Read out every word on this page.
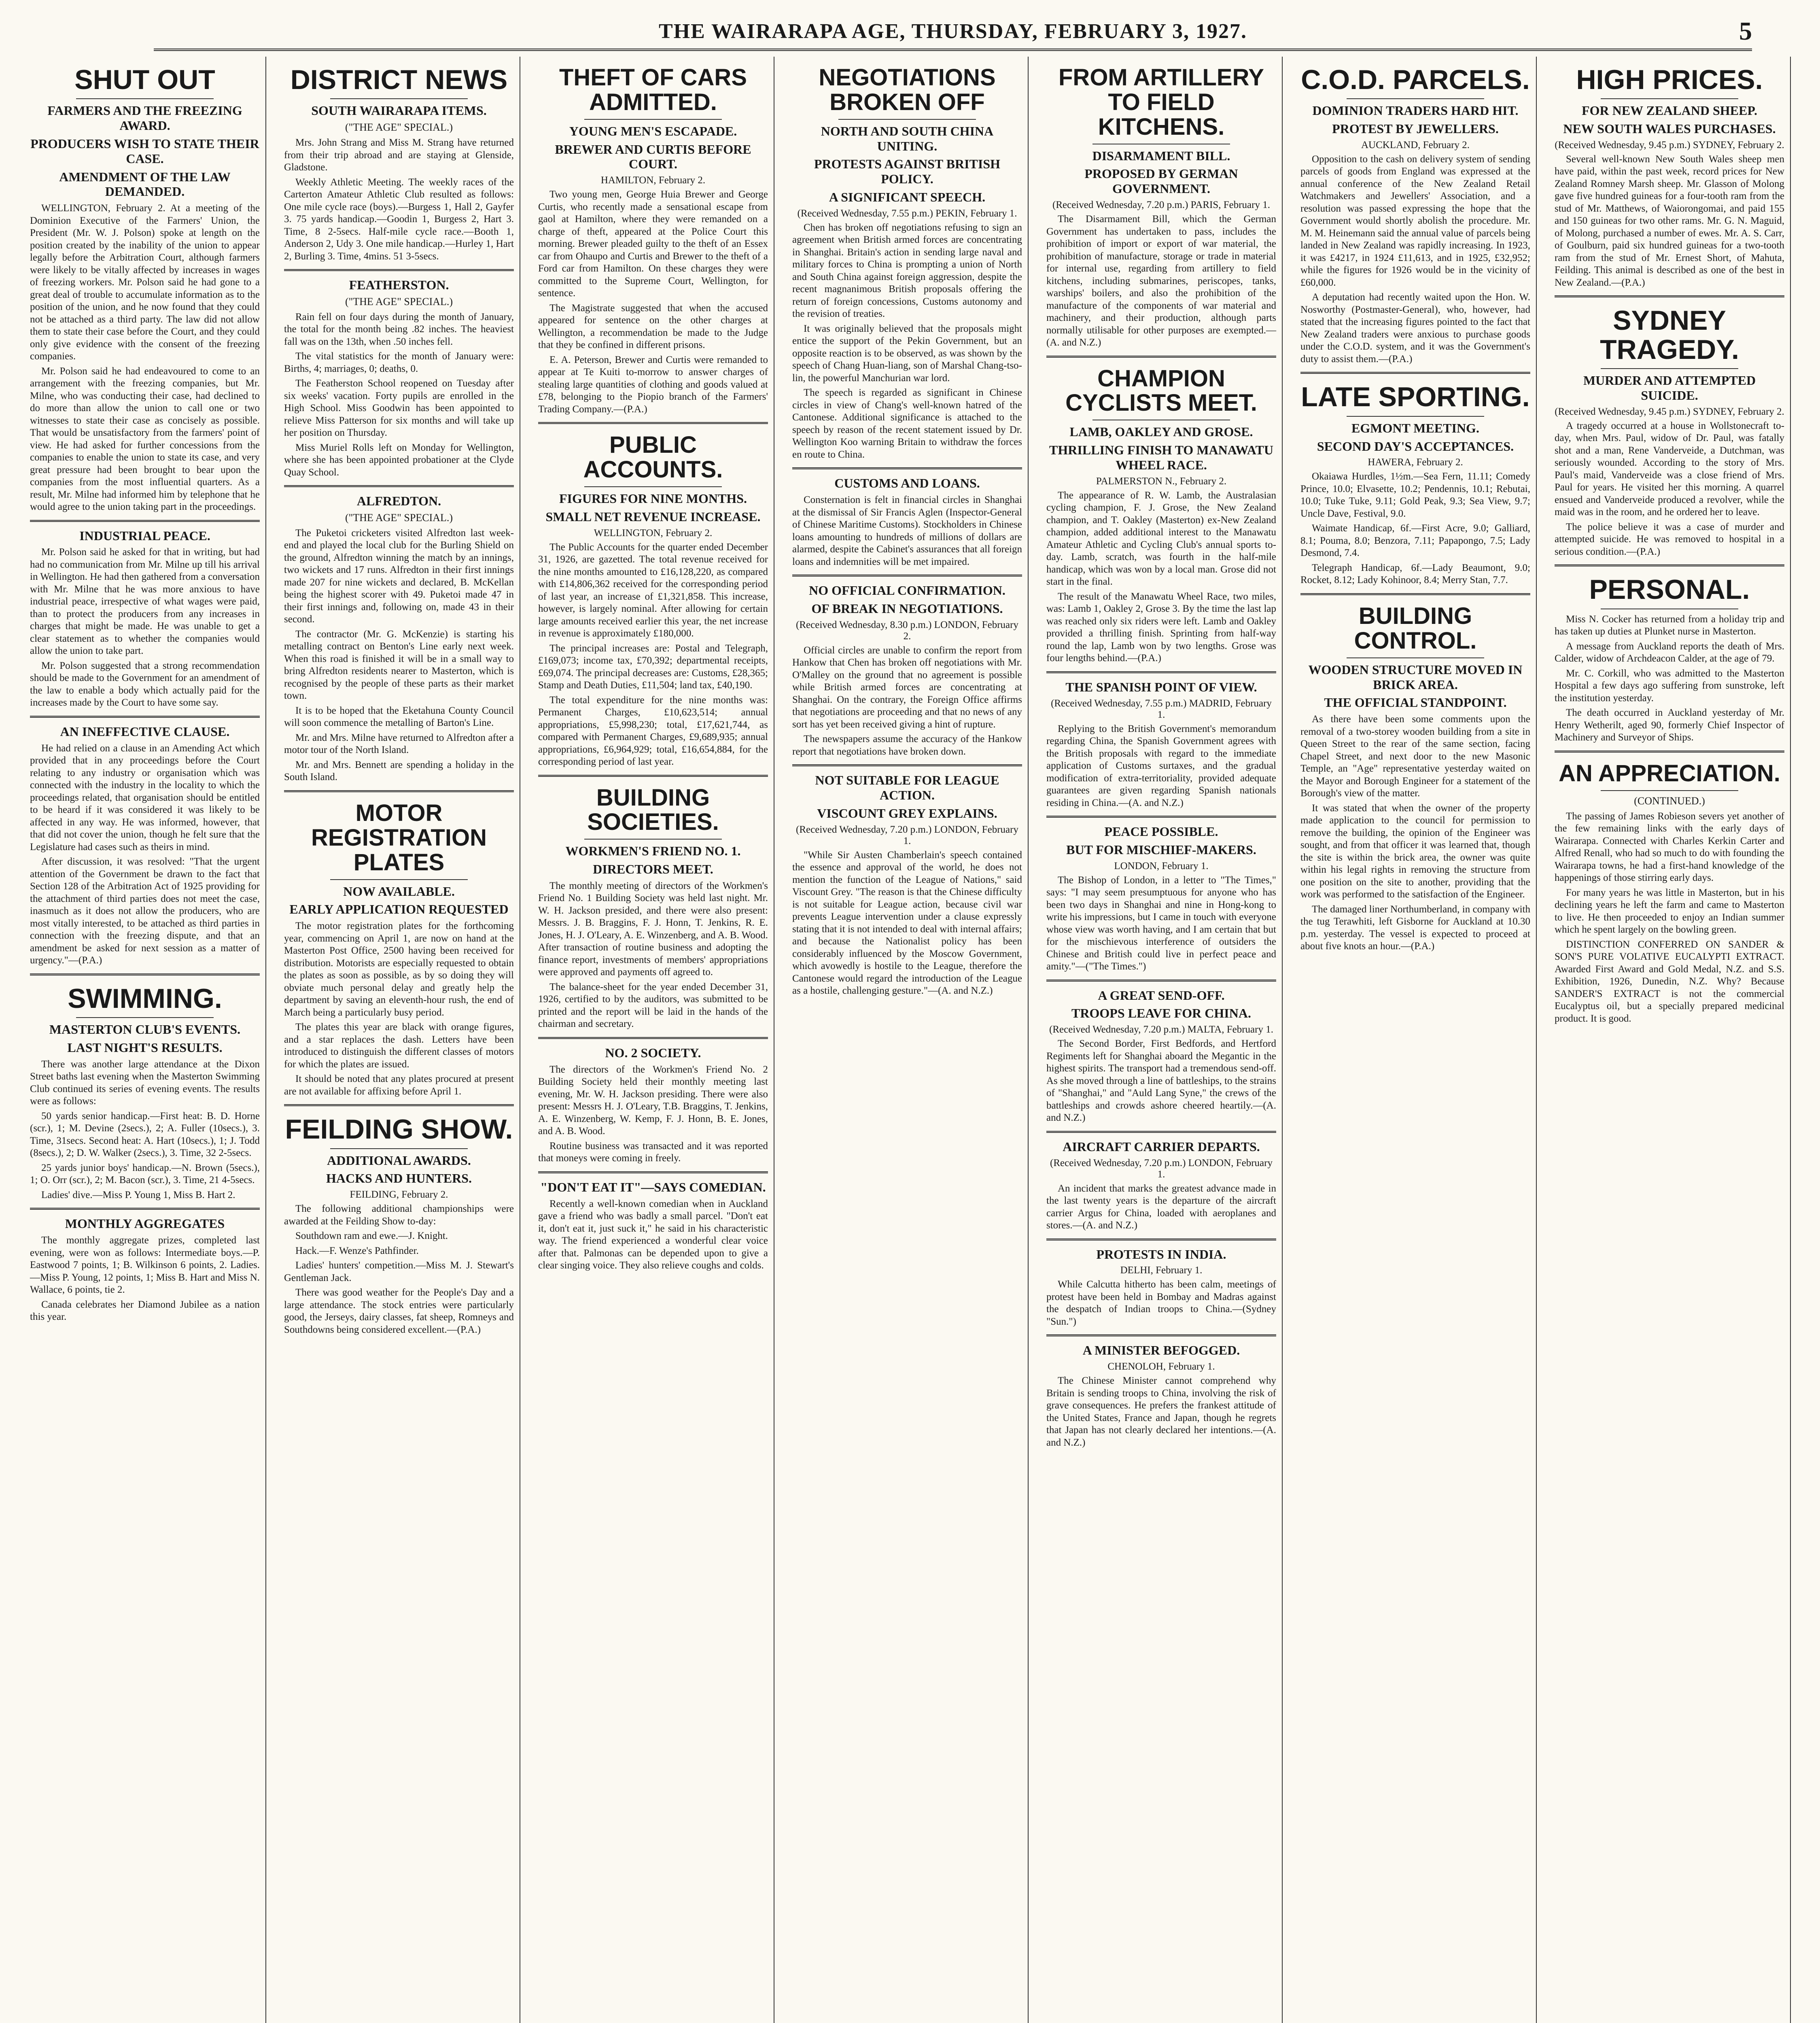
THE WAIRARAPA AGE, THURSDAY, FEBRUARY 3, 1927.	5
SHUT OUT
FARMERS AND THE FREEZING AWARD.
PRODUCERS WISH TO STATE THEIR CASE.
AMENDMENT OF THE LAW DEMANDED.

WELLINGTON, February 2. At a meeting of the Dominion Executive of the Farmers' Union, the President (Mr. W. J. Polson) spoke at length on the position created by the inability of the union to appear legally before the Arbitration Court, although farmers were likely to be vitally affected by increases in wages of freezing workers. Mr. Polson said he had gone to a great deal of trouble to accumulate information as to the position of the union, and he now found that they could not be attached as a third party. The law did not allow them to state their case before the Court, and they could only give evidence with the consent of the freezing companies.

Mr. Polson said he had endeavoured to come to an arrangement with the freezing companies, but Mr. Milne, who was conducting their case, had declined to do more than allow the union to call one or two witnesses to state their case as concisely as possible. That would be unsatisfactory from the farmers' point of view. He had asked for further concessions from the companies to enable the union to state its case, and very great pressure had been brought to bear upon the companies from the most influential quarters. As a result, Mr. Milne had informed him by telephone that he would agree to the union taking part in the proceedings.

INDUSTRIAL PEACE.

Mr. Polson said he asked for that in writing, but had had no communication from Mr. Milne up till his arrival in Wellington. He had then gathered from a conversation with Mr. Milne that he was more anxious to have industrial peace, irrespective of what wages were paid, than to protect the producers from any increases in charges that might be made. He was unable to get a clear statement as to whether the companies would allow the union to take part.

Mr. Polson suggested that a strong recommendation should be made to the Government for an amendment of the law to enable a body which actually paid for the increases made by the Court to have some say.

AN INEFFECTIVE CLAUSE.

He had relied on a clause in an Amending Act which provided that in any proceedings before the Court relating to any industry or organisation which was connected with the industry in the locality to which the proceedings related, that organisation should be entitled to be heard if it was considered it was likely to be affected in any way. He was informed, however, that that did not cover the union, though he felt sure that the Legislature had cases such as theirs in mind.

After discussion, it was resolved: "That the urgent attention of the Government be drawn to the fact that Section 128 of the Arbitration Act of 1925 providing for the attachment of third parties does not meet the case, inasmuch as it does not allow the producers, who are most vitally interested, to be attached as third parties in connection with the freezing dispute, and that an amendment be asked for next session as a matter of urgency."—(P.A.)

SWIMMING.
MASTERTON CLUB'S EVENTS.
LAST NIGHT'S RESULTS.

There was another large attendance at the Dixon Street baths last evening when the Masterton Swimming Club continued its series of evening events. The results were as follows:

50 yards senior handicap.—First heat: B. D. Horne (scr.), 1; M. Devine (2secs.), 2; A. Fuller (10secs.), 3. Time, 31secs. Second heat: A. Hart (10secs.), 1; J. Todd (8secs.), 2; D. W. Walker (2secs.), 3. Time, 32 2-5secs.

25 yards junior boys' handicap.—N. Brown (5secs.), 1; O. Orr (scr.), 2; M. Bacon (scr.), 3. Time, 21 4-5secs.

Ladies' dive.—Miss P. Young 1, Miss B. Hart 2.

MONTHLY AGGREGATES

The monthly aggregate prizes, completed last evening, were won as follows: Intermediate boys.—P. Eastwood 7 points, 1; B. Wilkinson 6 points, 2. Ladies.—Miss P. Young, 12 points, 1; Miss B. Hart and Miss N. Wallace, 6 points, tie 2.

Canada celebrates her Diamond Jubilee as a nation this year.

DISTRICT NEWS
SOUTH WAIRARAPA ITEMS.
("THE AGE" SPECIAL.)

Mrs. John Strang and Miss M. Strang have returned from their trip abroad and are staying at Glenside, Gladstone.

Weekly Athletic Meeting. The weekly races of the Carterton Amateur Athletic Club resulted as follows: One mile cycle race (boys).—Burgess 1, Hall 2, Gayfer 3. 75 yards handicap.—Goodin 1, Burgess 2, Hart 3. Time, 8 2-5secs. Half-mile cycle race.—Booth 1, Anderson 2, Udy 3. One mile handicap.—Hurley 1, Hart 2, Burling 3. Time, 4mins. 51 3-5secs.

FEATHERSTON.
("THE AGE" SPECIAL.)

Rain fell on four days during the month of January, the total for the month being .82 inches. The heaviest fall was on the 13th, when .50 inches fell.

The vital statistics for the month of January were: Births, 4; marriages, 0; deaths, 0.

The Featherston School reopened on Tuesday after six weeks' vacation. Forty pupils are enrolled in the High School. Miss Goodwin has been appointed to relieve Miss Patterson for six months and will take up her position on Thursday.

Miss Muriel Rolls left on Monday for Wellington, where she has been appointed probationer at the Clyde Quay School.

ALFREDTON.
("THE AGE" SPECIAL.)

The Puketoi cricketers visited Alfredton last week-end and played the local club for the Burling Shield on the ground, Alfredton winning the match by an innings, two wickets and 17 runs. Alfredton in their first innings made 207 for nine wickets and declared, B. McKellan being the highest scorer with 49. Puketoi made 47 in their first innings and, following on, made 43 in their second.

The contractor (Mr. G. McKenzie) is starting his metalling contract on Benton's Line early next week. When this road is finished it will be in a small way to bring Alfredton residents nearer to Masterton, which is recognised by the people of these parts as their market town.

It is to be hoped that the Eketahuna County Council will soon commence the metalling of Barton's Line.

Mr. and Mrs. Milne have returned to Alfredton after a motor tour of the North Island.

Mr. and Mrs. Bennett are spending a holiday in the South Island.

MOTOR REGISTRATION PLATES
NOW AVAILABLE.
EARLY APPLICATION REQUESTED

The motor registration plates for the forthcoming year, commencing on April 1, are now on hand at the Masterton Post Office, 2500 having been received for distribution. Motorists are especially requested to obtain the plates as soon as possible, as by so doing they will obviate much personal delay and greatly help the department by saving an eleventh-hour rush, the end of March being a particularly busy period.

The plates this year are black with orange figures, and a star replaces the dash. Letters have been introduced to distinguish the different classes of motors for which the plates are issued.

It should be noted that any plates procured at present are not available for affixing before April 1.

FEILDING SHOW.
ADDITIONAL AWARDS.
HACKS AND HUNTERS.
FEILDING, February 2.

The following additional championships were awarded at the Feilding Show to-day:

Southdown ram and ewe.—J. Knight.

Hack.—F. Wenze's Pathfinder.

Ladies' hunters' competition.—Miss M. J. Stewart's Gentleman Jack.

There was good weather for the People's Day and a large attendance. The stock entries were particularly good, the Jerseys, dairy classes, fat sheep, Romneys and Southdowns being considered excellent.—(P.A.)

THEFT OF CARS ADMITTED.
YOUNG MEN'S ESCAPADE.
BREWER AND CURTIS BEFORE COURT.
HAMILTON, February 2.

Two young men, George Huia Brewer and George Curtis, who recently made a sensational escape from gaol at Hamilton, where they were remanded on a charge of theft, appeared at the Police Court this morning. Brewer pleaded guilty to the theft of an Essex car from Ohaupo and Curtis and Brewer to the theft of a Ford car from Hamilton. On these charges they were committed to the Supreme Court, Wellington, for sentence.

The Magistrate suggested that when the accused appeared for sentence on the other charges at Wellington, a recommendation be made to the Judge that they be confined in different prisons.

E. A. Peterson, Brewer and Curtis were remanded to appear at Te Kuiti to-morrow to answer charges of stealing large quantities of clothing and goods valued at £78, belonging to the Piopio branch of the Farmers' Trading Company.—(P.A.)

PUBLIC ACCOUNTS.
FIGURES FOR NINE MONTHS.
SMALL NET REVENUE INCREASE.
WELLINGTON, February 2.

The Public Accounts for the quarter ended December 31, 1926, are gazetted. The total revenue received for the nine months amounted to £16,128,220, as compared with £14,806,362 received for the corresponding period of last year, an increase of £1,321,858. This increase, however, is largely nominal. After allowing for certain large amounts received earlier this year, the net increase in revenue is approximately £180,000.

The principal increases are: Postal and Telegraph, £169,073; income tax, £70,392; departmental receipts, £69,074. The principal decreases are: Customs, £28,365; Stamp and Death Duties, £11,504; land tax, £40,190.

The total expenditure for the nine months was: Permanent Charges, £10,623,514; annual appropriations, £5,998,230; total, £17,621,744, as compared with Permanent Charges, £9,689,935; annual appropriations, £6,964,929; total, £16,654,884, for the corresponding period of last year.

BUILDING SOCIETIES.
WORKMEN'S FRIEND NO. 1.
DIRECTORS MEET.

The monthly meeting of directors of the Workmen's Friend No. 1 Building Society was held last night. Mr. W. H. Jackson presided, and there were also present: Messrs. J. B. Braggins, F. J. Honn, T. Jenkins, R. E. Jones, H. J. O'Leary, A. E. Winzenberg, and A. B. Wood. After transaction of routine business and adopting the finance report, investments of members' appropriations were approved and payments off agreed to.

The balance-sheet for the year ended December 31, 1926, certified to by the auditors, was submitted to be printed and the report will be laid in the hands of the chairman and secretary.

NO. 2 SOCIETY.

The directors of the Workmen's Friend No. 2 Building Society held their monthly meeting last evening, Mr. W. H. Jackson presiding. There were also present: Messrs H. J. O'Leary, T.B. Braggins, T. Jenkins, A. E. Winzenberg, W. Kemp, F. J. Honn, B. E. Jones, and A. B. Wood.

Routine business was transacted and it was reported that moneys were coming in freely.

"DON'T EAT IT"—SAYS COMEDIAN.

Recently a well-known comedian when in Auckland gave a friend who was badly a small parcel. "Don't eat it, don't eat it, just suck it," he said in his characteristic way. The friend experienced a wonderful clear voice after that. Palmonas can be depended upon to give a clear singing voice. They also relieve coughs and colds.

NEGOTIATIONS BROKEN OFF
NORTH AND SOUTH CHINA UNITING.
PROTESTS AGAINST BRITISH POLICY.
A SIGNIFICANT SPEECH.
(Received Wednesday, 7.55 p.m.) PEKIN, February 1.

Chen has broken off negotiations refusing to sign an agreement when British armed forces are concentrating in Shanghai. Britain's action in sending large naval and military forces to China is prompting a union of North and South China against foreign aggression, despite the recent magnanimous British proposals offering the return of foreign concessions, Customs autonomy and the revision of treaties.

It was originally believed that the proposals might entice the support of the Pekin Government, but an opposite reaction is to be observed, as was shown by the speech of Chang Huan-liang, son of Marshal Chang-tso-lin, the powerful Manchurian war lord.

The speech is regarded as significant in Chinese circles in view of Chang's well-known hatred of the Cantonese. Additional significance is attached to the speech by reason of the recent statement issued by Dr. Wellington Koo warning Britain to withdraw the forces en route to China.

CUSTOMS AND LOANS.

Consternation is felt in financial circles in Shanghai at the dismissal of Sir Francis Aglen (Inspector-General of Chinese Maritime Customs). Stockholders in Chinese loans amounting to hundreds of millions of dollars are alarmed, despite the Cabinet's assurances that all foreign loans and indemnities will be met impaired.

NO OFFICIAL CONFIRMATION.
OF BREAK IN NEGOTIATIONS.
(Received Wednesday, 8.30 p.m.) LONDON, February 2.

Official circles are unable to confirm the report from Hankow that Chen has broken off negotiations with Mr. O'Malley on the ground that no agreement is possible while British armed forces are concentrating at Shanghai. On the contrary, the Foreign Office affirms that negotiations are proceeding and that no news of any sort has yet been received giving a hint of rupture.

The newspapers assume the accuracy of the Hankow report that negotiations have broken down.

NOT SUITABLE FOR LEAGUE ACTION.
VISCOUNT GREY EXPLAINS.
(Received Wednesday, 7.20 p.m.) LONDON, February 1.

"While Sir Austen Chamberlain's speech contained the essence and approval of the world, he does not mention the function of the League of Nations," said Viscount Grey. "The reason is that the Chinese difficulty is not suitable for League action, because civil war prevents League intervention under a clause expressly stating that it is not intended to deal with internal affairs; and because the Nationalist policy has been considerably influenced by the Moscow Government, which avowedly is hostile to the League, therefore the Cantonese would regard the introduction of the League as a hostile, challenging gesture."—(A. and N.Z.)

FROM ARTILLERY TO FIELD KITCHENS.
DISARMAMENT BILL.
PROPOSED BY GERMAN GOVERNMENT.
(Received Wednesday, 7.20 p.m.) PARIS, February 1.

The Disarmament Bill, which the German Government has undertaken to pass, includes the prohibition of import or export of war material, the prohibition of manufacture, storage or trade in material for internal use, regarding from artillery to field kitchens, including submarines, periscopes, tanks, warships' boilers, and also the prohibition of the manufacture of the components of war material and machinery, and their production, although parts normally utilisable for other purposes are exempted.—(A. and N.Z.)

CHAMPION CYCLISTS MEET.
LAMB, OAKLEY AND GROSE.
THRILLING FINISH TO MANAWATU WHEEL RACE.
PALMERSTON N., February 2.

The appearance of R. W. Lamb, the Australasian cycling champion, F. J. Grose, the New Zealand champion, and T. Oakley (Masterton) ex-New Zealand champion, added additional interest to the Manawatu Amateur Athletic and Cycling Club's annual sports to-day. Lamb, scratch, was fourth in the half-mile handicap, which was won by a local man. Grose did not start in the final.

The result of the Manawatu Wheel Race, two miles, was: Lamb 1, Oakley 2, Grose 3. By the time the last lap was reached only six riders were left. Lamb and Oakley provided a thrilling finish. Sprinting from half-way round the lap, Lamb won by two lengths. Grose was four lengths behind.—(P.A.)

THE SPANISH POINT OF VIEW.
(Received Wednesday, 7.55 p.m.) MADRID, February 1.

Replying to the British Government's memorandum regarding China, the Spanish Government agrees with the British proposals with regard to the immediate application of Customs surtaxes, and the gradual modification of extra-territoriality, provided adequate guarantees are given regarding Spanish nationals residing in China.—(A. and N.Z.)

PEACE POSSIBLE.
BUT FOR MISCHIEF-MAKERS.
LONDON, February 1.

The Bishop of London, in a letter to "The Times," says: "I may seem presumptuous for anyone who has been two days in Shanghai and nine in Hong-kong to write his impressions, but I came in touch with everyone whose view was worth having, and I am certain that but for the mischievous interference of outsiders the Chinese and British could live in perfect peace and amity."—("The Times.")

A GREAT SEND-OFF.
TROOPS LEAVE FOR CHINA.
(Received Wednesday, 7.20 p.m.) MALTA, February 1.

The Second Border, First Bedfords, and Hertford Regiments left for Shanghai aboard the Megantic in the highest spirits. The transport had a tremendous send-off. As she moved through a line of battleships, to the strains of "Shanghai," and "Auld Lang Syne," the crews of the battleships and crowds ashore cheered heartily.—(A. and N.Z.)

AIRCRAFT CARRIER DEPARTS.
(Received Wednesday, 7.20 p.m.) LONDON, February 1.

An incident that marks the greatest advance made in the last twenty years is the departure of the aircraft carrier Argus for China, loaded with aeroplanes and stores.—(A. and N.Z.)

PROTESTS IN INDIA.
DELHI, February 1.

While Calcutta hitherto has been calm, meetings of protest have been held in Bombay and Madras against the despatch of Indian troops to China.—(Sydney "Sun.")

A MINISTER BEFOGGED.
CHENOLOH, February 1.

The Chinese Minister cannot comprehend why Britain is sending troops to China, involving the risk of grave consequences. He prefers the frankest attitude of the United States, France and Japan, though he regrets that Japan has not clearly declared her intentions.—(A. and N.Z.)

C.O.D. PARCELS.
DOMINION TRADERS HARD HIT.
PROTEST BY JEWELLERS.
AUCKLAND, February 2.

Opposition to the cash on delivery system of sending parcels of goods from England was expressed at the annual conference of the New Zealand Retail Watchmakers and Jewellers' Association, and a resolution was passed expressing the hope that the Government would shortly abolish the procedure. Mr. M. M. Heinemann said the annual value of parcels being landed in New Zealand was rapidly increasing. In 1923, it was £4217, in 1924 £11,613, and in 1925, £32,952; while the figures for 1926 would be in the vicinity of £60,000.

A deputation had recently waited upon the Hon. W. Nosworthy (Postmaster-General), who, however, had stated that the increasing figures pointed to the fact that New Zealand traders were anxious to purchase goods under the C.O.D. system, and it was the Government's duty to assist them.—(P.A.)

LATE SPORTING.
EGMONT MEETING.
SECOND DAY'S ACCEPTANCES.
HAWERA, February 2.

Okaiawa Hurdles, 1½m.—Sea Fern, 11.11; Comedy Prince, 10.0; Elvasette, 10.2; Pendennis, 10.1; Rebutai, 10.0; Tuke Tuke, 9.11; Gold Peak, 9.3; Sea View, 9.7; Uncle Dave, Festival, 9.0.

Waimate Handicap, 6f.—First Acre, 9.0; Galliard, 8.1; Pouma, 8.0; Benzora, 7.11; Papapongo, 7.5; Lady Desmond, 7.4.

Telegraph Handicap, 6f.—Lady Beaumont, 9.0; Rocket, 8.12; Lady Kohinoor, 8.4; Merry Stan, 7.7.

BUILDING CONTROL.
WOODEN STRUCTURE MOVED IN BRICK AREA.
THE OFFICIAL STANDPOINT.

As there have been some comments upon the removal of a two-storey wooden building from a site in Queen Street to the rear of the same section, facing Chapel Street, and next door to the new Masonic Temple, an "Age" representative yesterday waited on the Mayor and Borough Engineer for a statement of the Borough's view of the matter.

It was stated that when the owner of the property made application to the council for permission to remove the building, the opinion of the Engineer was sought, and from that officer it was learned that, though the site is within the brick area, the owner was quite within his legal rights in removing the structure from one position on the site to another, providing that the work was performed to the satisfaction of the Engineer.

The damaged liner Northumberland, in company with the tug Terawhiti, left Gisborne for Auckland at 10.30 p.m. yesterday. The vessel is expected to proceed at about five knots an hour.—(P.A.)

HIGH PRICES.
FOR NEW ZEALAND SHEEP.
NEW SOUTH WALES PURCHASES.
(Received Wednesday, 9.45 p.m.) SYDNEY, February 2.

Several well-known New South Wales sheep men have paid, within the past week, record prices for New Zealand Romney Marsh sheep. Mr. Glasson of Molong gave five hundred guineas for a four-tooth ram from the stud of Mr. Matthews, of Waiorongomai, and paid 155 and 150 guineas for two other rams. Mr. G. N. Maguid, of Molong, purchased a number of ewes. Mr. A. S. Carr, of Goulburn, paid six hundred guineas for a two-tooth ram from the stud of Mr. Ernest Short, of Mahuta, Feilding. This animal is described as one of the best in New Zealand.—(P.A.)

SYDNEY TRAGEDY.
MURDER AND ATTEMPTED SUICIDE.
(Received Wednesday, 9.45 p.m.) SYDNEY, February 2.

A tragedy occurred at a house in Wollstonecraft to-day, when Mrs. Paul, widow of Dr. Paul, was fatally shot and a man, Rene Vanderveide, a Dutchman, was seriously wounded. According to the story of Mrs. Paul's maid, Vanderveide was a close friend of Mrs. Paul for years. He visited her this morning. A quarrel ensued and Vanderveide produced a revolver, while the maid was in the room, and he ordered her to leave.

The police believe it was a case of murder and attempted suicide. He was removed to hospital in a serious condition.—(P.A.)

PERSONAL.

Miss N. Cocker has returned from a holiday trip and has taken up duties at Plunket nurse in Masterton.

A message from Auckland reports the death of Mrs. Calder, widow of Archdeacon Calder, at the age of 79.

Mr. C. Corkill, who was admitted to the Masterton Hospital a few days ago suffering from sunstroke, left the institution yesterday.

The death occurred in Auckland yesterday of Mr. Henry Wetherilt, aged 90, formerly Chief Inspector of Machinery and Surveyor of Ships.

AN APPRECIATION.
(CONTINUED.)

The passing of James Robieson severs yet another of the few remaining links with the early days of Wairarapa. Connected with Charles Kerkin Carter and Alfred Renall, who had so much to do with founding the Wairarapa towns, he had a first-hand knowledge of the happenings of those stirring early days.

For many years he was little in Masterton, but in his declining years he left the farm and came to Masterton to live. He then proceeded to enjoy an Indian summer which he spent largely on the bowling green.

DISTINCTION CONFERRED ON SANDER & SON'S PURE VOLATIVE EUCALYPTI EXTRACT. Awarded First Award and Gold Medal, N.Z. and S.S. Exhibition, 1926, Dunedin, N.Z. Why? Because SANDER'S EXTRACT is not the commercial Eucalyptus oil, but a specially prepared medicinal product. It is good.
